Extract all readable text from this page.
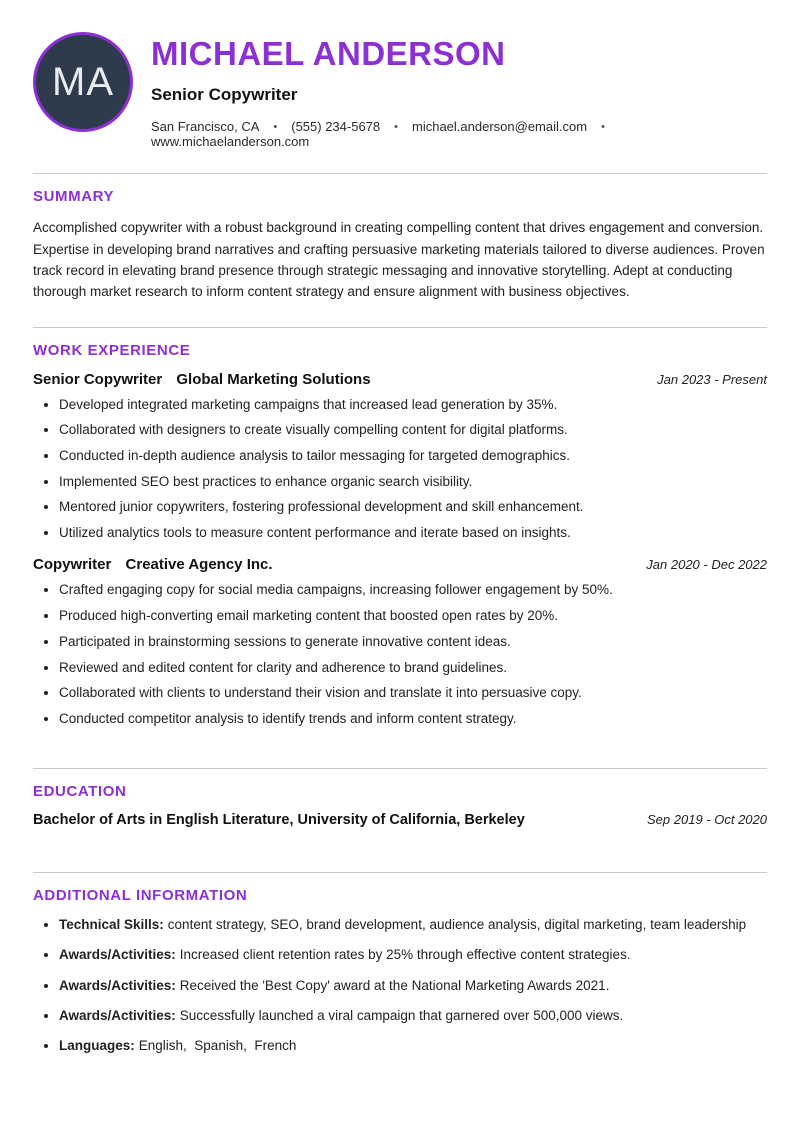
MA
MICHAEL ANDERSON
Senior Copywriter
San Francisco, CA • (555) 234-5678 • michael.anderson@email.com •
www.michaelanderson.com
SUMMARY

Accomplished copywriter with a robust background in creating compelling content that drives engagement and conversion. Expertise in developing brand narratives and crafting persuasive marketing materials tailored to diverse audiences. Proven track record in elevating brand presence through strategic messaging and innovative storytelling. Adept at conducting thorough market research to inform content strategy and ensure alignment with business objectives.

WORK EXPERIENCE
Senior Copywriter Global Marketing Solutions	Jan 2023 - Present
• Developed integrated marketing campaigns that increased lead generation by 35%.
• Collaborated with designers to create visually compelling content for digital platforms.
• Conducted in-depth audience analysis to tailor messaging for targeted demographics.
• Implemented SEO best practices to enhance organic search visibility.
• Mentored junior copywriters, fostering professional development and skill enhancement.
• Utilized analytics tools to measure content performance and iterate based on insights.
Copywriter Creative Agency Inc.	Jan 2020 - Dec 2022
• Crafted engaging copy for social media campaigns, increasing follower engagement by 50%.
• Produced high-converting email marketing content that boosted open rates by 20%.
• Participated in brainstorming sessions to generate innovative content ideas.
• Reviewed and edited content for clarity and adherence to brand guidelines.
• Collaborated with clients to understand their vision and translate it into persuasive copy.
• Conducted competitor analysis to identify trends and inform content strategy.
EDUCATION
Bachelor of Arts in English Literature, University of California, Berkeley	Sep 2019 - Oct 2020
ADDITIONAL INFORMATION
• Technical Skills: content strategy, SEO, brand development, audience analysis, digital marketing, team leadership
• Awards/Activities: Increased client retention rates by 25% through effective content strategies.
• Awards/Activities: Received the 'Best Copy' award at the National Marketing Awards 2021.
• Awards/Activities: Successfully launched a viral campaign that garnered over 500,000 views.
• Languages: English,  Spanish,  French
